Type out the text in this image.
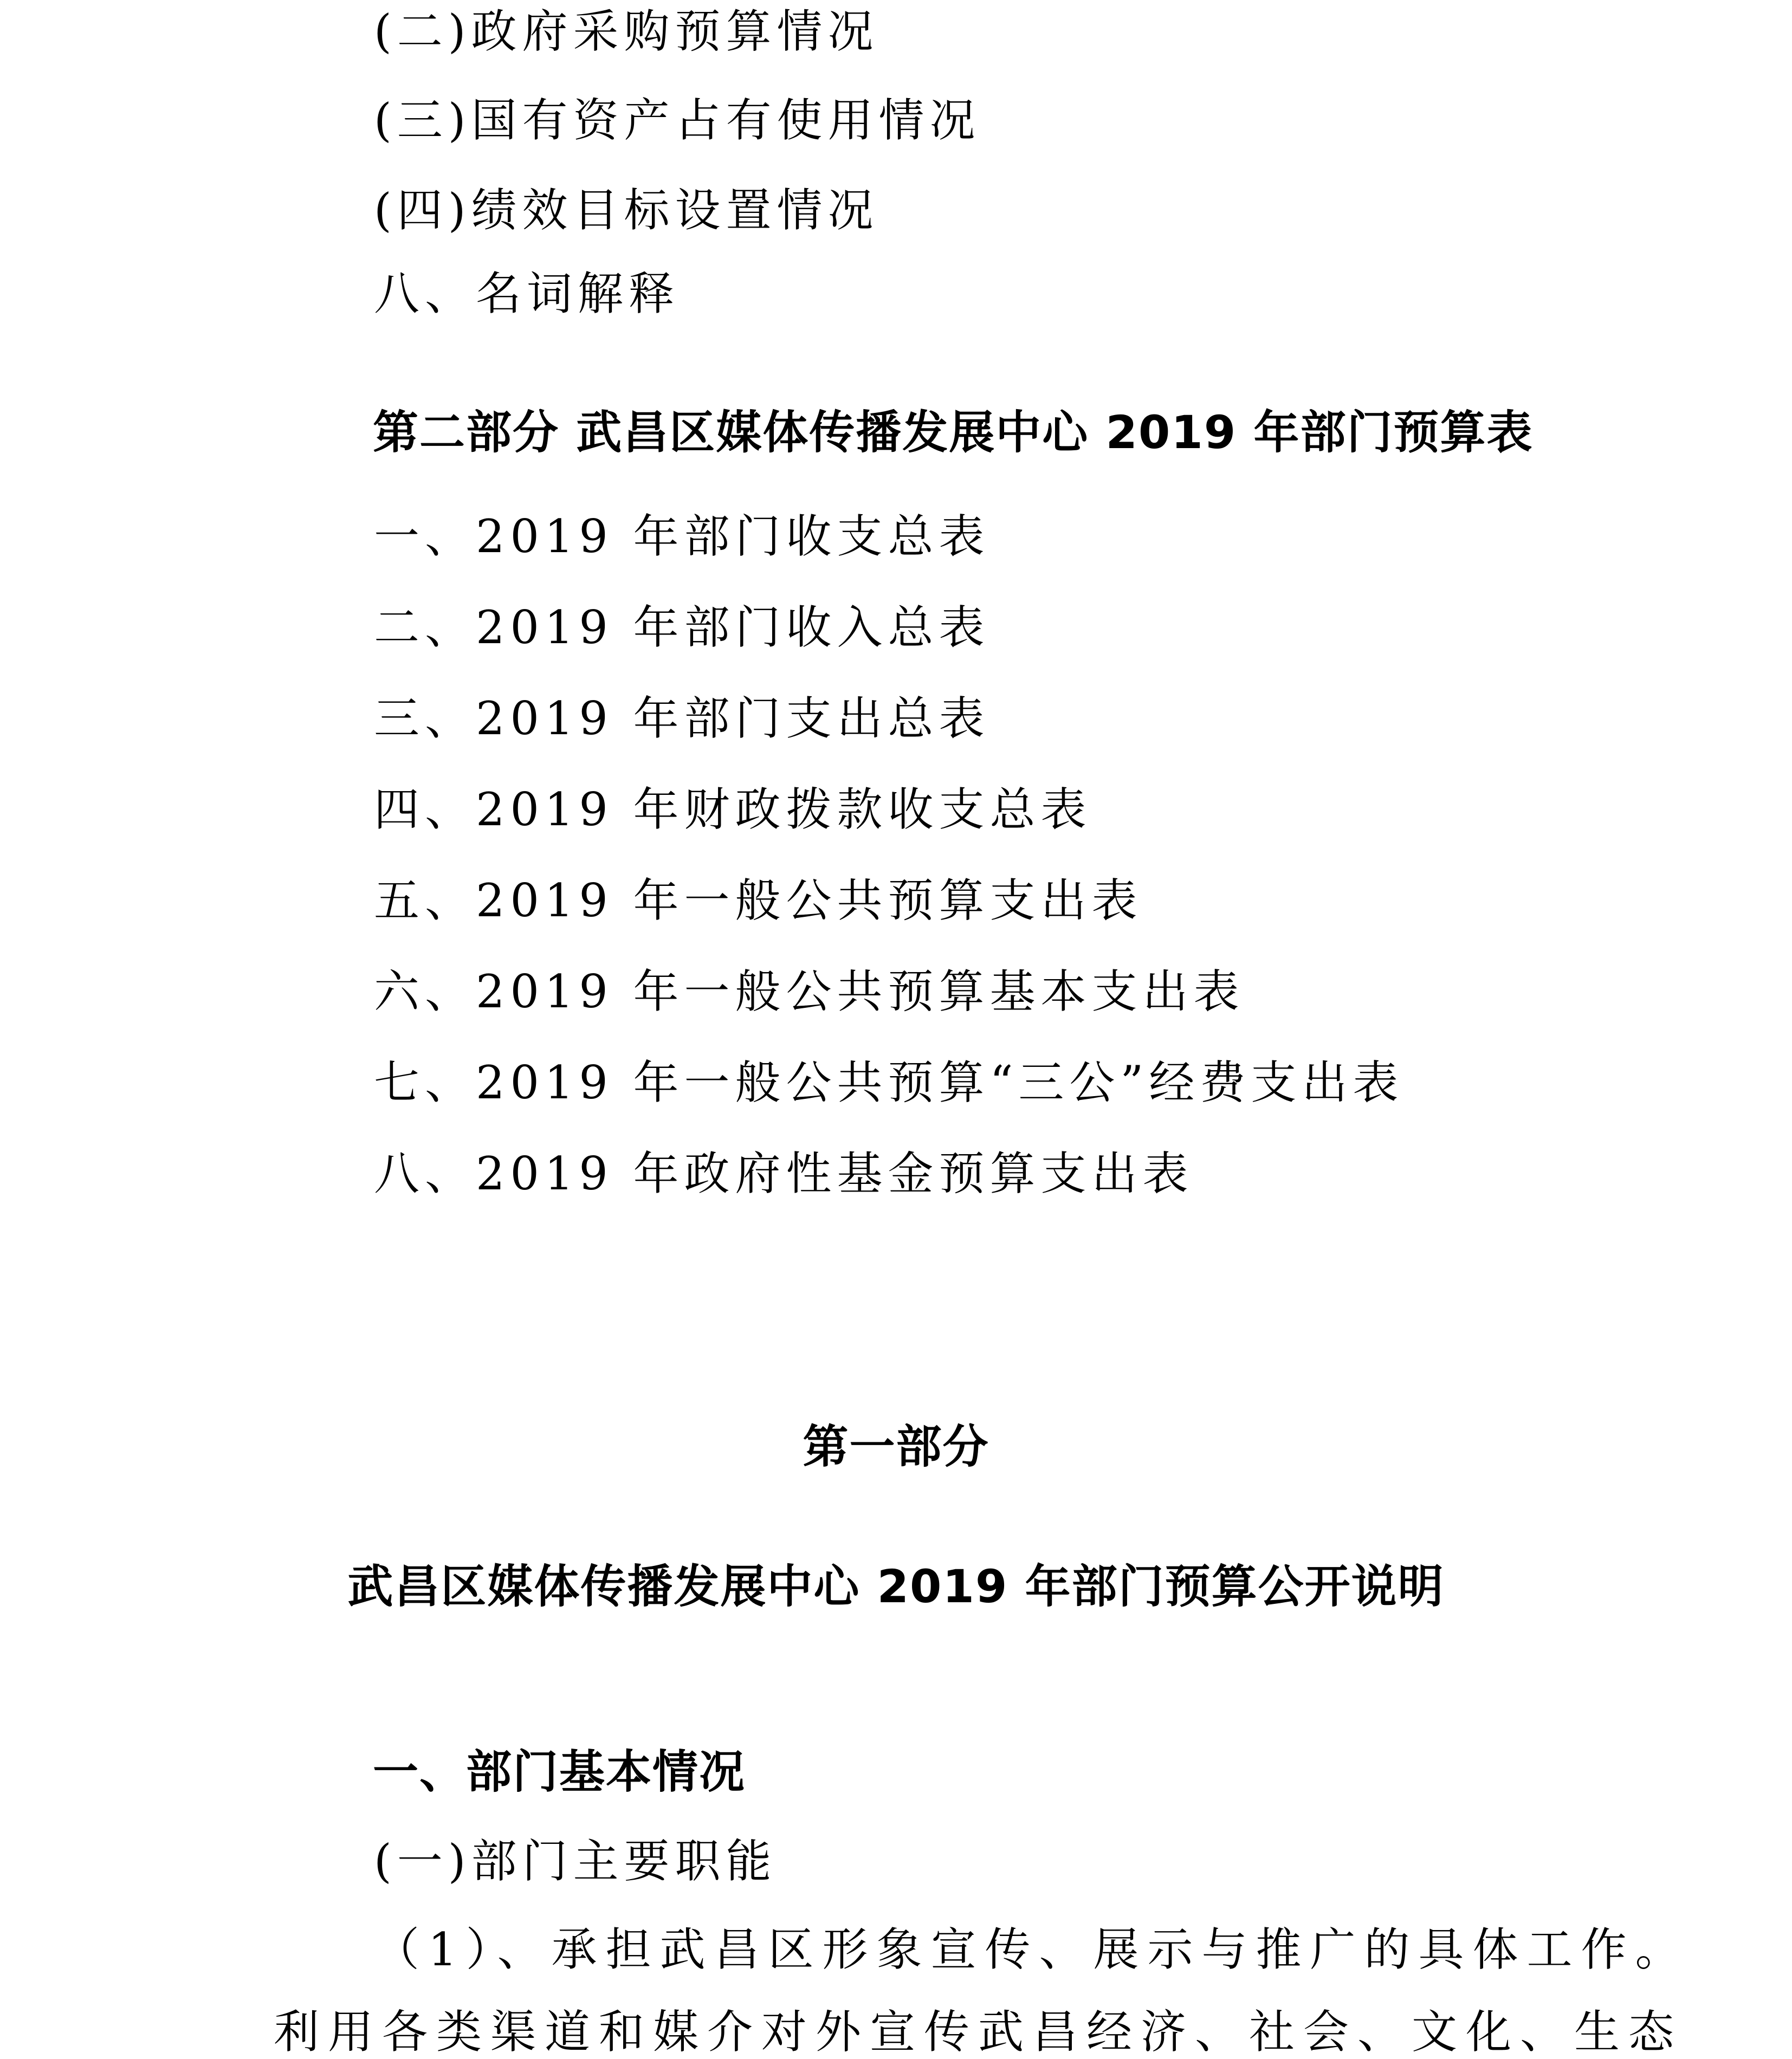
(二)政府采购预算情况
(三)国有资产占有使用情况
(四)绩效目标设置情况
八、名词解释
第二部分 武昌区媒体传播发展中心 2019 年部门预算表
一、2019 年部门收支总表
二、2019 年部门收入总表
三、2019 年部门支出总表
四、2019 年财政拨款收支总表
五、2019 年一般公共预算支出表
六、2019 年一般公共预算基本支出表
七、2019 年一般公共预算“三公”经费支出表
八、2019 年政府性基金预算支出表
第一部分
武昌区媒体传播发展中心 2019 年部门预算公开说明
一、部门基本情况
(一)部门主要职能
（1）、承担武昌区形象宣传、展示与推广的具体工作。
利用各类渠道和媒介对外宣传武昌经济、社会、文化、生态
